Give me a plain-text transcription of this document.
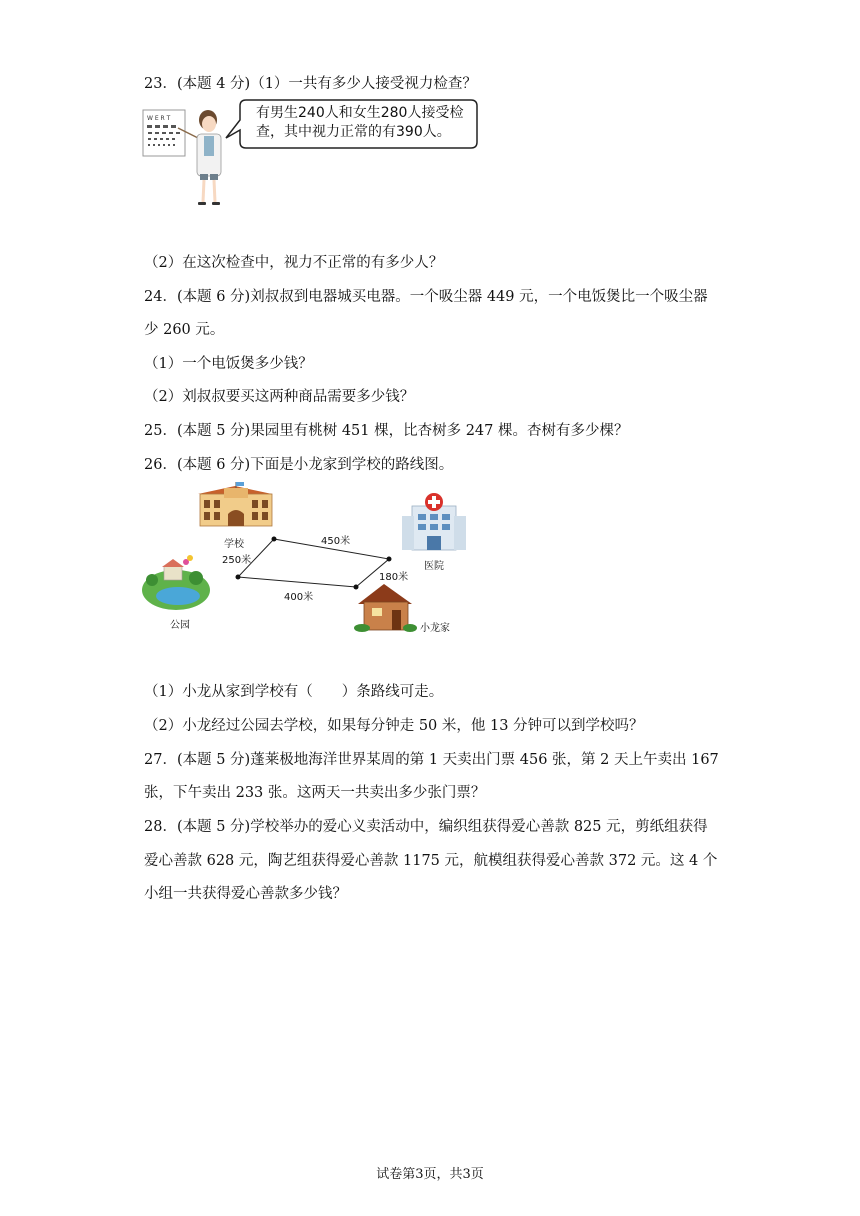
23．(本题 4 分)（1）一共有多少人接受视力检查？
W E R T	有男生240人和女生280人接受检
查，其中视力正常的有390人。
（2）在这次检查中，视力不正常的有多少人？
24．(本题 6 分)刘叔叔到电器城买电器。一个吸尘器 449 元，一个电饭煲比一个吸尘器
少 260 元。
（1）一个电饭煲多少钱？
（2）刘叔叔要买这两种商品需要多少钱？
25．(本题 5 分)果园里有桃树 451 棵，比杏树多 247 棵。杏树有多少棵？
26．(本题 6 分)下面是小龙家到学校的路线图。
学校
医院
公园	小龙家
450米
250米
180米
400米
（1）小龙从家到学校有（　　）条路线可走。
（2）小龙经过公园去学校，如果每分钟走 50 米，他 13 分钟可以到学校吗？
27．(本题 5 分)蓬莱极地海洋世界某周的第 1 天卖出门票 456 张，第 2 天上午卖出 167
张，下午卖出 233 张。这两天一共卖出多少张门票？
28．(本题 5 分)学校举办的爱心义卖活动中，编织组获得爱心善款 825 元，剪纸组获得
爱心善款 628 元，陶艺组获得爱心善款 1175 元，航模组获得爱心善款 372 元。这 4 个
小组一共获得爱心善款多少钱？
试卷第3页，共3页
